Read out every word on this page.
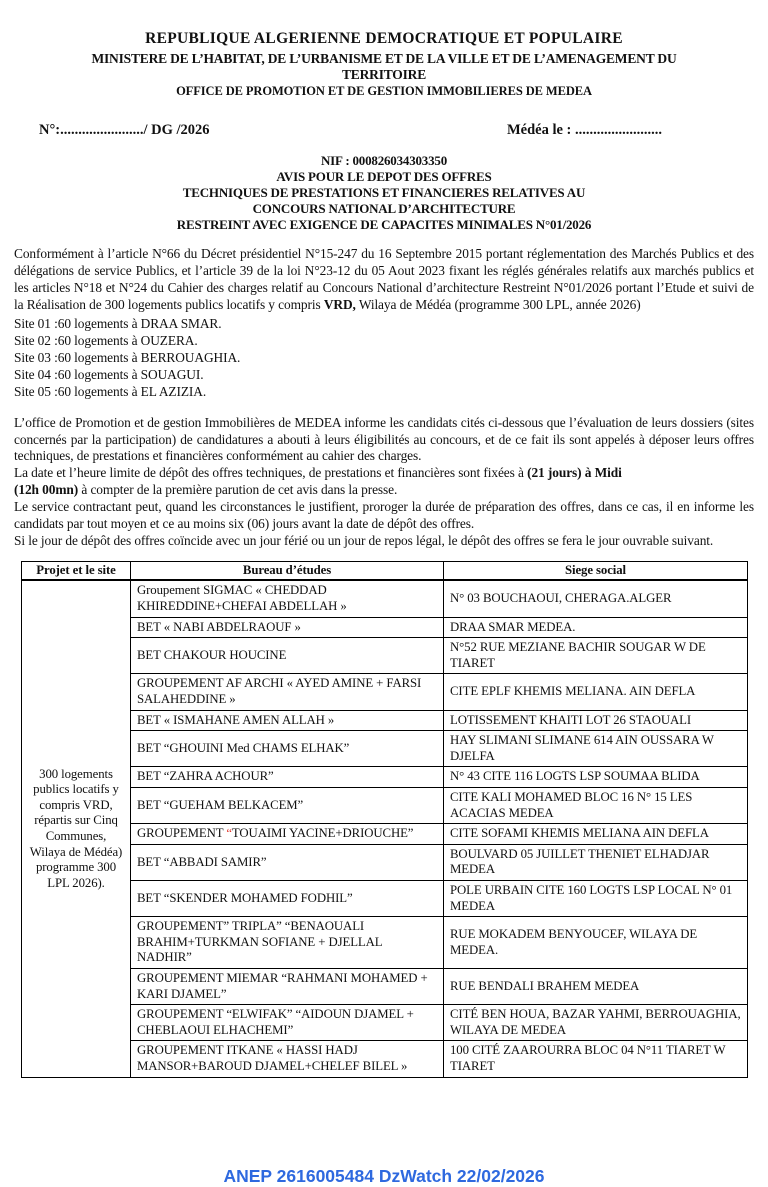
REPUBLIQUE ALGERIENNE DEMOCRATIQUE ET POPULAIRE
MINISTERE DE L’HABITAT, DE L’URBANISME ET DE LA VILLE ET DE L’AMENAGEMENT DU
TERRITOIRE
OFFICE DE PROMOTION ET DE GESTION IMMOBILIERES DE MEDEA
N°:......................./ DG /2026	Médéa le : ........................
NIF : 000826034303350
AVIS POUR LE DEPOT DES OFFRES
TECHNIQUES DE PRESTATIONS ET FINANCIERES RELATIVES AU
CONCOURS NATIONAL D’ARCHITECTURE
RESTREINT AVEC EXIGENCE DE CAPACITES MINIMALES N°01/2026

Conformément à l’article N°66 du Décret présidentiel N°15-247 du 16 Septembre 2015 portant réglementation des Marchés Publics et des délégations de service Publics, et l’article 39 de la loi N°23-12 du 05 Aout 2023 fixant les réglés générales relatifs aux marchés publics et les articles N°18 et N°24 du Cahier des charges relatif au Concours National d’architecture Restreint N°01/2026 portant l’Etude et suivi de la Réalisation de 300 logements publics locatifs y compris VRD, Wilaya de Médéa (programme 300 LPL, année 2026)

Site 01 :60 logements à DRAA SMAR.
Site 02 :60 logements à OUZERA.
Site 03 :60 logements à BERROUAGHIA.
Site 04 :60 logements à SOUAGUI.
Site 05 :60 logements à EL AZIZIA.

L’office de Promotion et de gestion Immobilières de MEDEA informe les candidats cités ci-dessous que l’évaluation de leurs dossiers (sites concernés par la participation) de candidatures a abouti à leurs éligibilités au concours, et de ce fait ils sont appelés à déposer leurs offres techniques, de prestations et financières conformément au cahier des charges.

La date et l’heure limite de dépôt des offres techniques, de prestations et financières sont fixées à (21 jours) à Midi

(12h 00mn) à compter de la première parution de cet avis dans la presse.

Le service contractant peut, quand les circonstances le justifient, proroger la durée de préparation des offres, dans ce cas, il en informe les candidats par tout moyen et ce au moins six (06) jours avant la date de dépôt des offres.

Si le jour de dépôt des offres coïncide avec un jour férié ou un jour de repos légal, le dépôt des offres se fera le jour ouvrable suivant.

Projet et le site	Bureau d’études	Siege social
300 logements publics locatifs y compris VRD, répartis sur Cinq Communes, Wilaya de Médéa) programme 300 LPL 2026).	Groupement SIGMAC « CHEDDAD KHIREDDINE+CHEFAI ABDELLAH »	N° 03 BOUCHAOUI, CHERAGA.ALGER
	BET « NABI ABDELRAOUF »	DRAA SMAR MEDEA.
	BET CHAKOUR HOUCINE	N°52 RUE MEZIANE BACHIR SOUGAR W DE TIARET
	GROUPEMENT AF ARCHI « AYED AMINE + FARSI SALAHEDDINE »	CITE EPLF KHEMIS MELIANA. AIN DEFLA
	BET « ISMAHANE AMEN ALLAH »	LOTISSEMENT KHAITI LOT 26 STAOUALI
	BET “GHOUINI Med CHAMS ELHAK”	HAY SLIMANI SLIMANE 614 AIN OUSSARA W DJELFA
	BET “ZAHRA ACHOUR”	N° 43 CITE 116 LOGTS LSP SOUMAA BLIDA
	BET “GUEHAM BELKACEM”	CITE KALI MOHAMED BLOC 16 N° 15 LES ACACIAS MEDEA
	GROUPEMENT “TOUAIMI YACINE+DRIOUCHE”	CITE SOFAMI KHEMIS MELIANA AIN DEFLA
	BET “ABBADI SAMIR”	BOULVARD 05 JUILLET THENIET ELHADJAR MEDEA
	BET “SKENDER MOHAMED FODHIL”	POLE URBAIN CITE 160 LOGTS LSP LOCAL N° 01 MEDEA
	GROUPEMENT” TRIPLA” “BENAOUALI BRAHIM+TURKMAN SOFIANE + DJELLAL NADHIR”	RUE MOKADEM BENYOUCEF, WILAYA DE MEDEA.
	GROUPEMENT MIEMAR “RAHMANI MOHAMED + KARI DJAMEL”	RUE BENDALI BRAHEM MEDEA
	GROUPEMENT “ELWIFAK” “AIDOUN DJAMEL + CHEBLAOUI ELHACHEMI”	CITÉ BEN HOUA, BAZAR YAHMI, BERROUAGHIA, WILAYA DE MEDEA
	GROUPEMENT ITKANE « HASSI HADJ MANSOR+BAROUD DJAMEL+CHELEF BILEL »	100 CITÉ ZAAROURRA BLOC 04 N°11 TIARET W TIARET
ANEP 2616005484 DzWatch 22/02/2026
